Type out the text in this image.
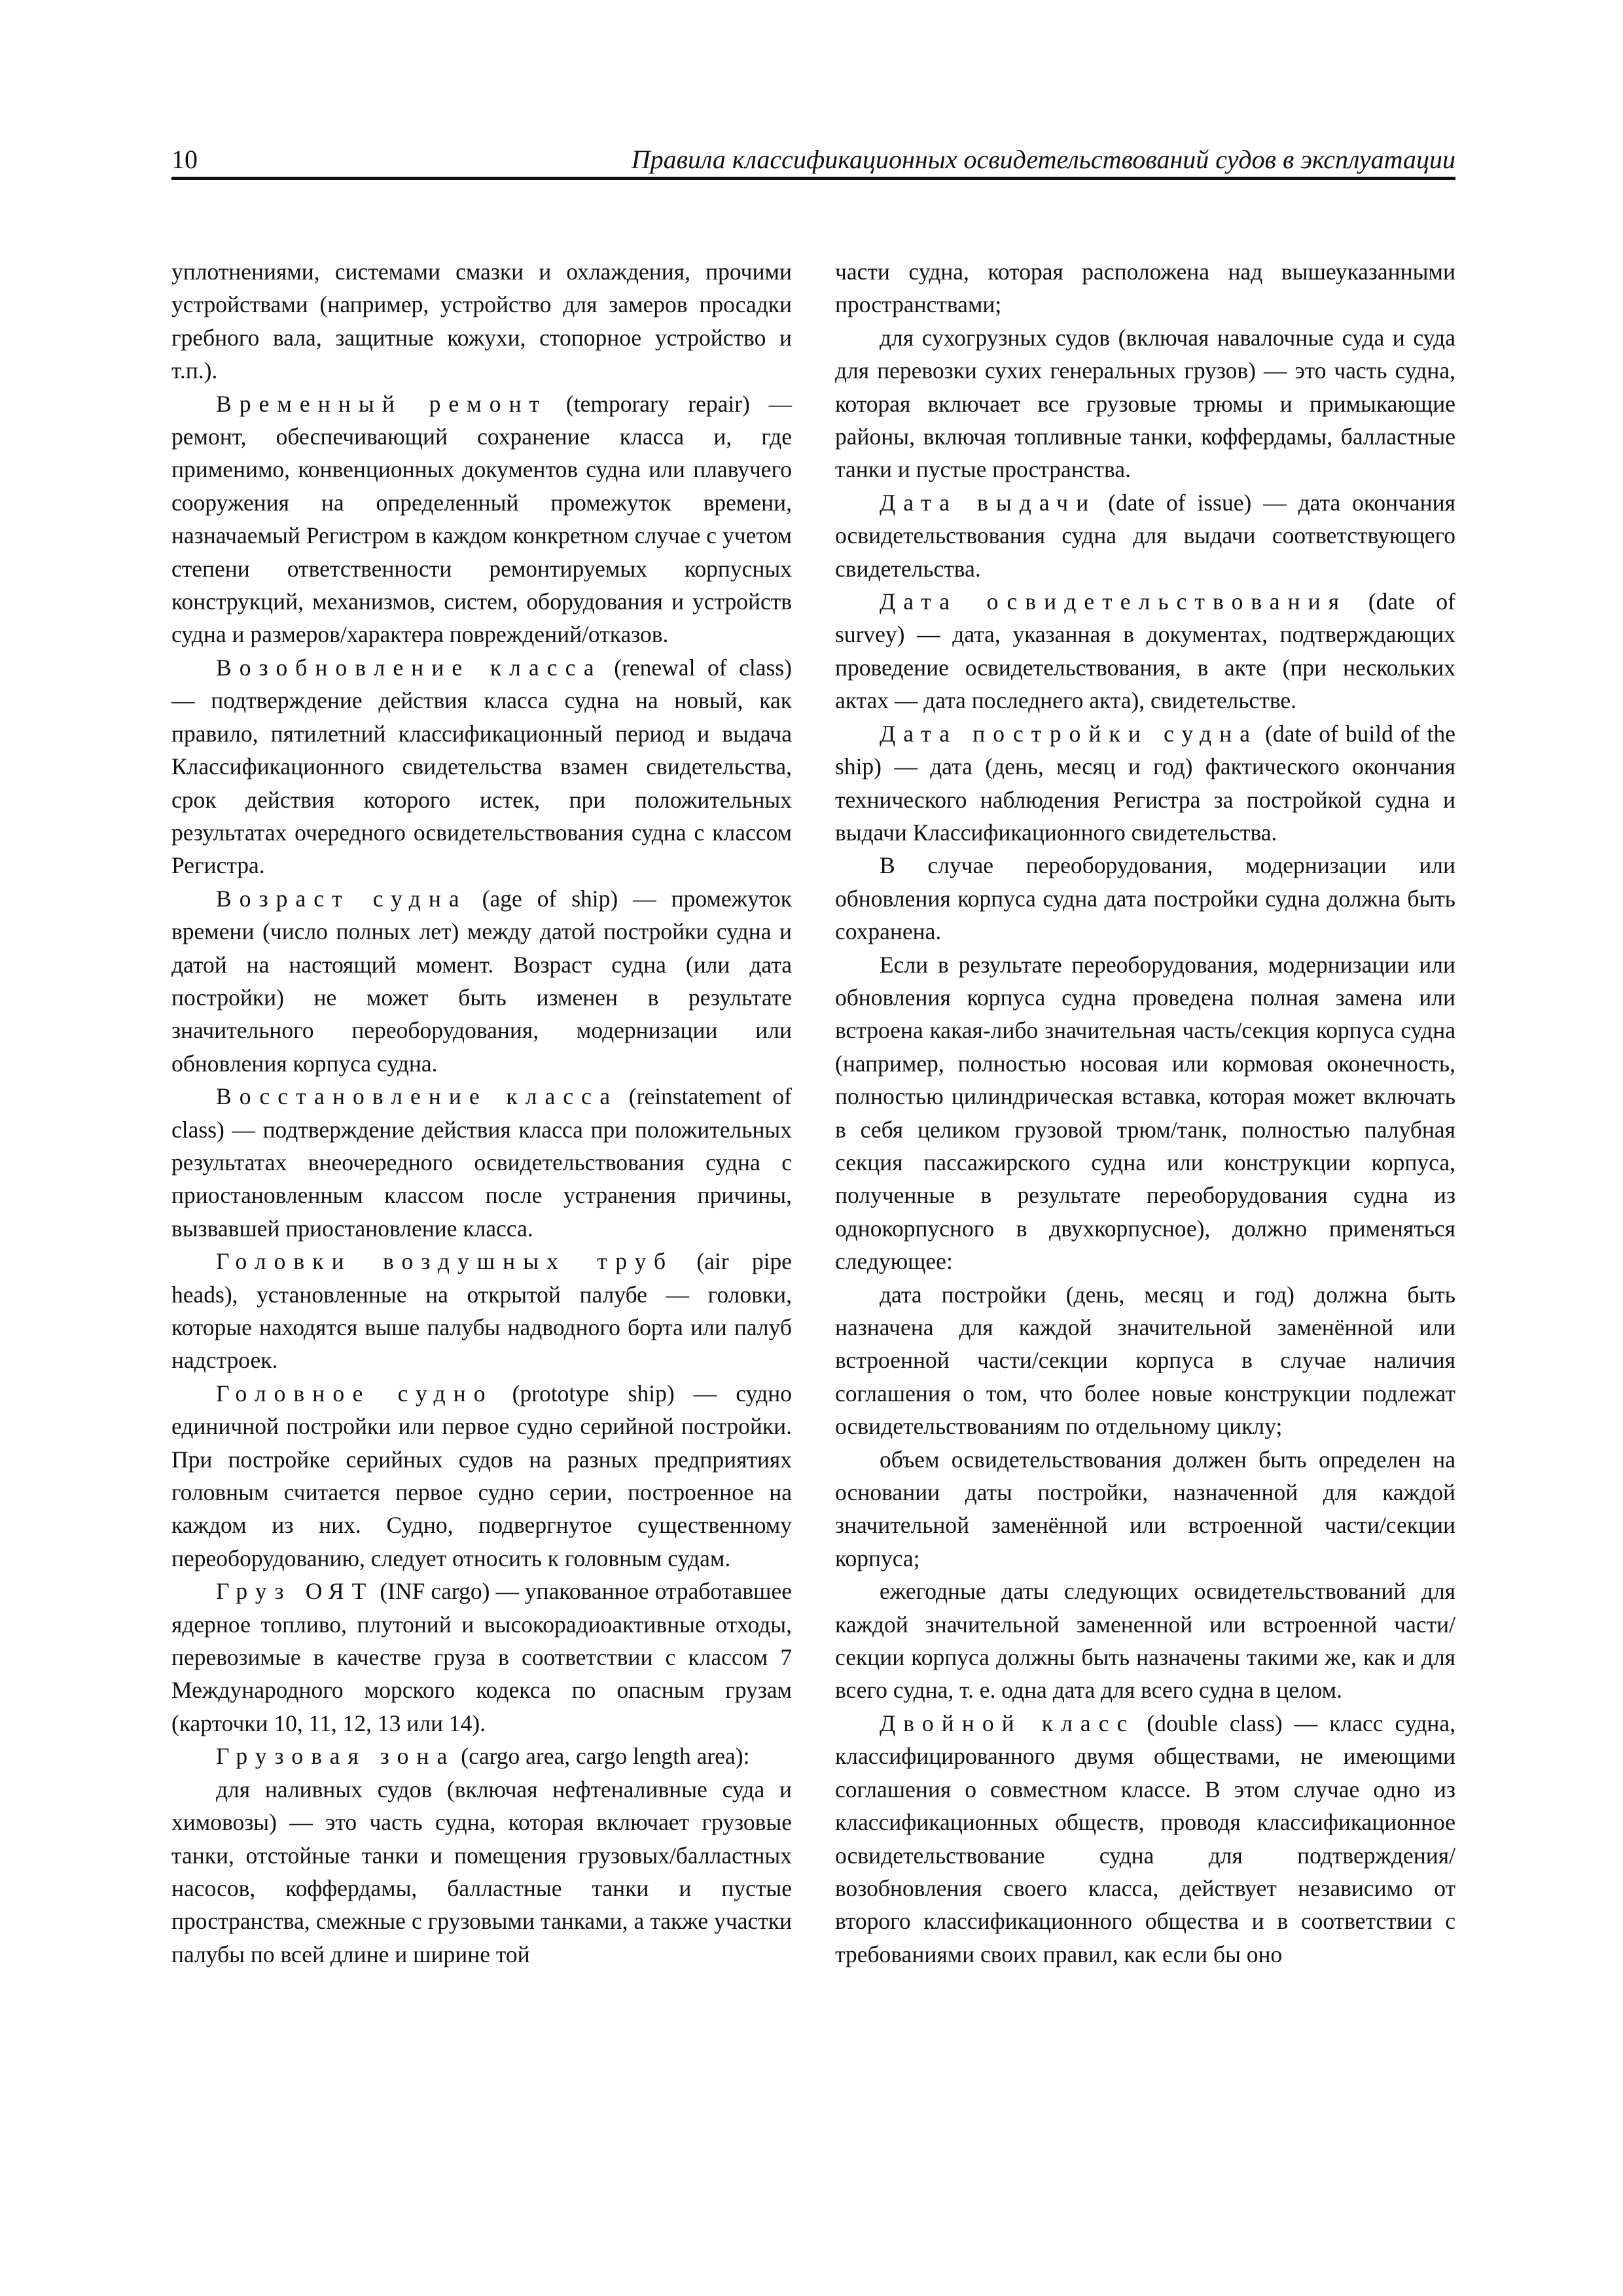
10	Правила классификационных освидетельствований судов в эксплуатации

уплотнениями, системами смазки и охлаждения, прочими устройствами (например, устройство для замеров просадки гребного вала, защитные кожухи, стопорное устройство и т.п.).

Временный ремонт (temporary repair) — ремонт, обеспечивающий сохранение класса и, где применимо, конвенционных документов судна или плавучего сооружения на определенный промежуток времени, назначаемый Регистром в каждом конкретном случае с учетом степени ответственности ремонтируемых корпусных конструкций, механизмов, систем, оборудования и устройств судна и размеров/характера повреждений/отказов.

Возобновление класса (renewal of class) — подтверждение действия класса судна на новый, как правило, пятилетний классификационный период и выдача Классификационного свидетельства взамен свидетельства, срок действия которого истек, при положительных результатах очередного освидетельствования судна с классом Регистра.

Возраст судна (age of ship) — промежуток времени (число полных лет) между датой постройки судна и датой на настоящий момент. Возраст судна (или дата постройки) не может быть изменен в результате значительного переоборудования, модернизации или обновления корпуса судна.

Восстановление класса (reinstatement of class) — подтверждение действия класса при положительных результатах внеочередного освидетельствования судна с приостановленным классом после устранения причины, вызвавшей приостановление класса.

Головки воздушных труб (air pipe heads), установленные на открытой палубе — головки, которые находятся выше палубы надводного борта или палуб надстроек.

Головное судно (prototype ship) — судно единичной постройки или первое судно серийной постройки. При постройке серийных судов на разных предприятиях головным считается первое судно серии, построенное на каждом из них. Судно, подвергнутое существенному переоборудованию, следует относить к головным судам.

Груз ОЯТ (INF cargo) — упакованное отработавшее ядерное топливо, плутоний и высокорадиоактивные отходы, перевозимые в качестве груза в соответствии с классом 7 Международного морского кодекса по опасным грузам (карточки 10, 11, 12, 13 или 14).

Грузовая зона (cargo area, cargo length area):

для наливных судов (включая нефтеналивные суда и химовозы) — это часть судна, которая включает грузовые танки, отстойные танки и помещения грузовых/балластных насосов, коффердамы, балластные танки и пустые пространства, смежные с грузовыми танками, а также участки палубы по всей длине и ширине той

части судна, которая расположена над вышеуказанными пространствами;

для сухогрузных судов (включая навалочные суда и суда для перевозки сухих генеральных грузов) — это часть судна, которая включает все грузовые трюмы и примыкающие районы, включая топливные танки, коффердамы, балластные танки и пустые пространства.

Дата выдачи (date of issue) — дата окончания освидетельствования судна для выдачи соответствующего свидетельства.

Дата освидетельствования (date of survey) — дата, указанная в документах, подтверждающих проведение освидетельствования, в акте (при нескольких актах — дата последнего акта), свидетельстве.

Дата постройки судна (date of build of the ship) — дата (день, месяц и год) фактического окончания технического наблюдения Регистра за постройкой судна и выдачи Классификационного свидетельства.

В случае переоборудования, модернизации или обновления корпуса судна дата постройки судна должна быть сохранена.

Если в результате переоборудования, модернизации или обновления корпуса судна проведена полная замена или встроена какая-либо значительная часть/секция корпуса судна (например, полностью носовая или кормовая оконечность, полностью цилиндрическая вставка, которая может включать в себя целиком грузовой трюм/танк, полностью палубная секция пассажирского судна или конструкции корпуса, полученные в результате переоборудования судна из однокорпусного в двухкорпусное), должно применяться следующее:

дата постройки (день, месяц и год) должна быть назначена для каждой значительной заменённой или встроенной части/секции корпуса в случае наличия соглашения о том, что более новые конструкции подлежат освидетельствованиям по отдельному циклу;

объем освидетельствования должен быть определен на основании даты постройки, назначенной для каждой значительной заменённой или встроенной части/секции корпуса;

ежегодные даты следующих освидетельствований для каждой значительной замененной или встроенной части/секции корпуса должны быть назначены такими же, как и для всего судна, т. е. одна дата для всего судна в целом.

Двойной класс (double class) — класс судна, классифицированного двумя обществами, не имеющими соглашения о совместном классе. В этом случае одно из классификационных обществ, проводя классификационное освидетельствование судна для подтверждения/возобновления своего класса, действует независимо от второго классификационного общества и в соответствии с требованиями своих правил, как если бы оно
